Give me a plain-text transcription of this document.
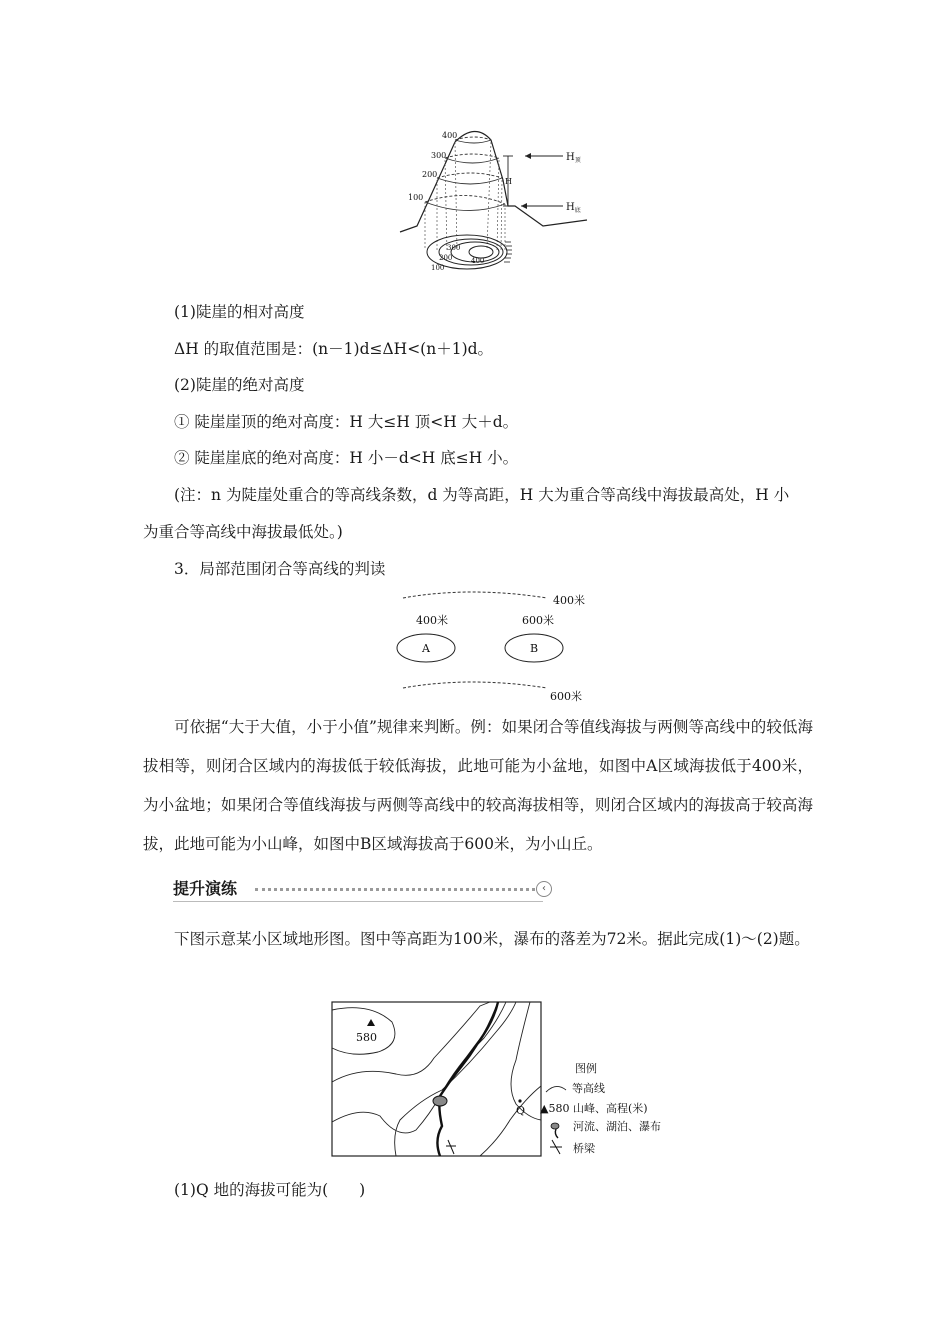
400
300
200
100
H
$H_顶$
$H_底$
300
200
100
400
(1)陡崖的相对高度
ΔH 的取值范围是：(n－1)d≤ΔH<(n＋1)d。
(2)陡崖的绝对高度
① 陡崖崖顶的绝对高度：H 大≤H 顶<H 大＋d。
② 陡崖崖底的绝对高度：H 小－d<H 底≤H 小。
(注：n 为陡崖处重合的等高线条数，d 为等高距，H 大为重合等高线中海拔最高处，H 小
为重合等高线中海拔最低处。)
3．局部范围闭合等高线的判读
400米
600米
400米	600米
A	B
可依据“大于大值，小于小值”规律来判断。例：如果闭合等值线海拔与两侧等高线中的较低海拔相等，则闭合区域内的海拔低于较低海拔，此地可能为小盆地，如图中A区域海拔低于400米，为小盆地；如果闭合等值线海拔与两侧等高线中的较高海拔相等，则闭合区域内的海拔高于较高海拔，此地可能为小山峰，如图中B区域海拔高于600米，为小山丘。
提升演练	‹
下图示意某小区域地形图。图中等高距为100米，瀑布的落差为72米。据此完成(1)～(2)题。
580
Q
图例
等高线
▲580 山峰、高程(米)
河流、湖泊、瀑布
桥梁
(1)Q 地的海拔可能为(　　)
